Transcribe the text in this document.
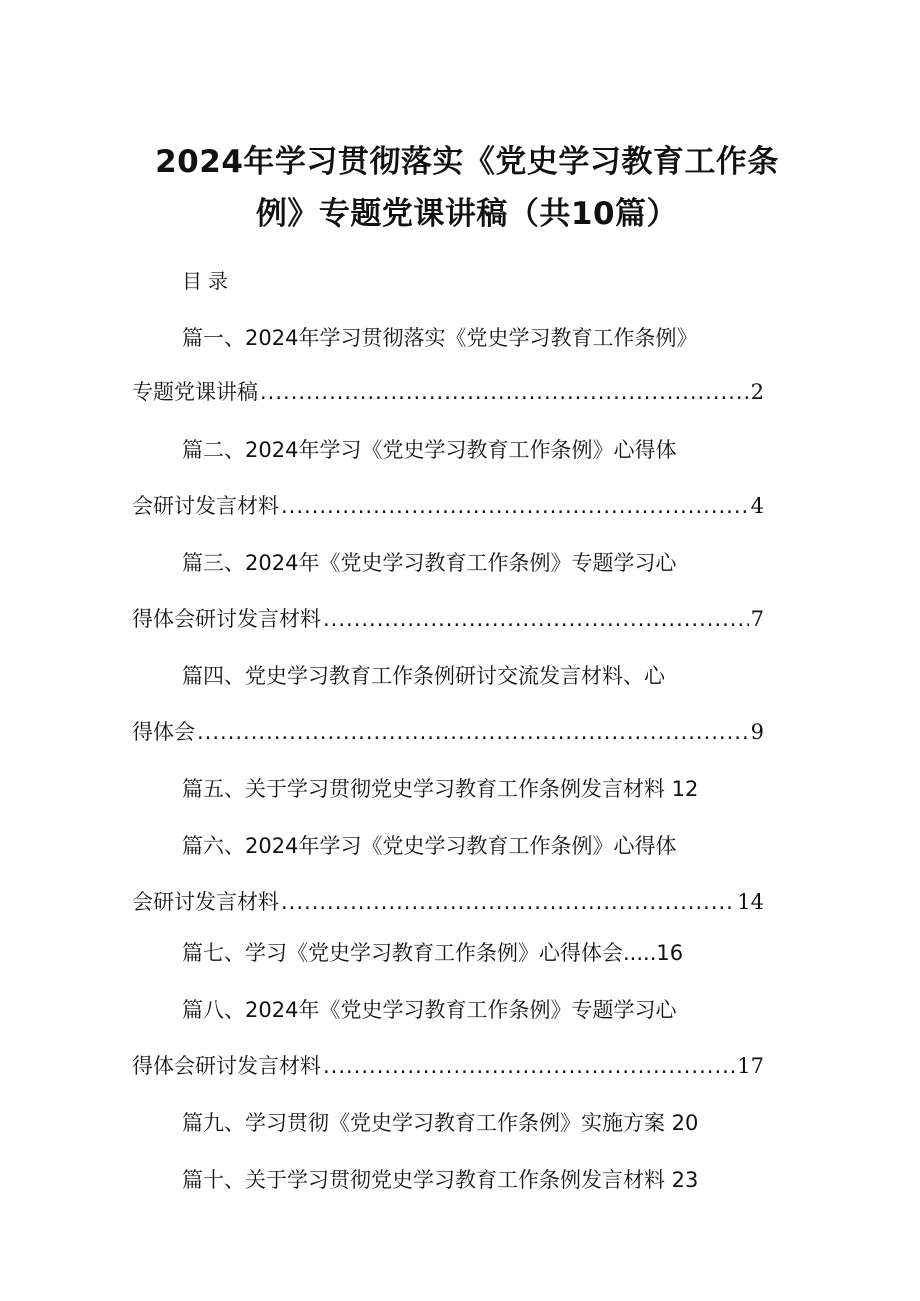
2024年学习贯彻落实《党史学习教育工作条
例》专题党课讲稿（共10篇）
目录
篇一、2024年学习贯彻落实《党史学习教育工作条例》
专题党课讲稿 .....	2
篇二、2024年学习《党史学习教育工作条例》心得体
会研讨发言材料 .....	4
篇三、2024年《党史学习教育工作条例》专题学习心
得体会研讨发言材料 .....	7
篇四、党史学习教育工作条例研讨交流发言材料、心
得体会 .....	9
篇五、关于学习贯彻党史学习教育工作条例发言材料 12
篇六、2024年学习《党史学习教育工作条例》心得体
会研讨发言材料 .....	14
篇七、学习《党史学习教育工作条例》心得体会.....16
篇八、2024年《党史学习教育工作条例》专题学习心
得体会研讨发言材料 .....	17
篇九、学习贯彻《党史学习教育工作条例》实施方案 20
篇十、关于学习贯彻党史学习教育工作条例发言材料 23
